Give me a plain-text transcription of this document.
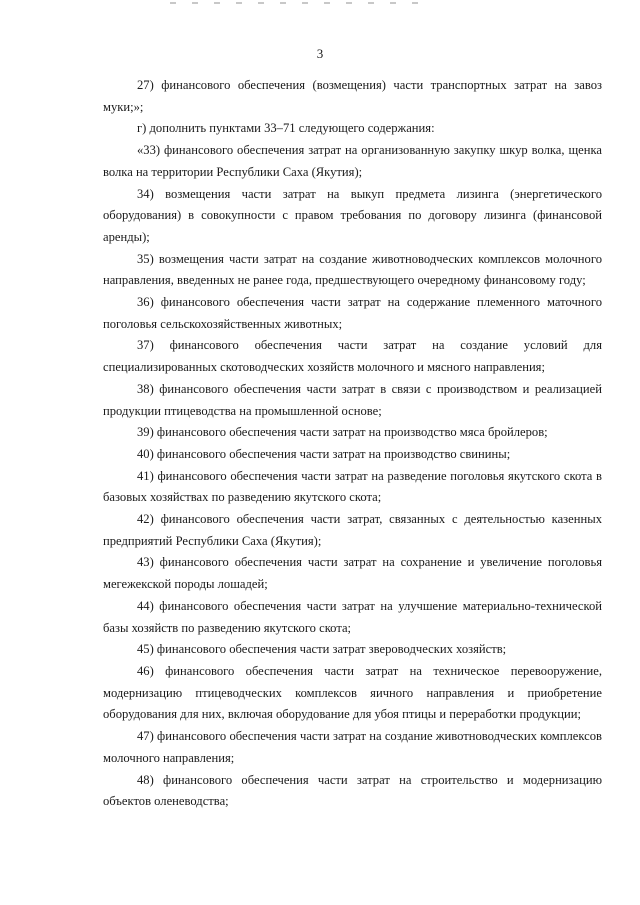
3

27) финансового обеспечения (возмещения) части транспортных затрат на завоз муки;»;

г) дополнить пунктами 33–71 следующего содержания:

«33) финансового обеспечения затрат на организованную закупку шкур волка, щенка волка на территории Республики Саха (Якутия);

34) возмещения части затрат на выкуп предмета лизинга (энергетического оборудования) в совокупности с правом требования по договору лизинга (финансовой аренды);

35) возмещения части затрат на создание животноводческих комплексов молочного направления, введенных не ранее года, предшествующего очередному финансовому году;

36) финансового обеспечения части затрат на содержание племенного маточного поголовья сельскохозяйственных животных;

37) финансового обеспечения части затрат на создание условий для специализированных скотоводческих хозяйств молочного и мясного направления;

38) финансового обеспечения части затрат в связи с производством и реализацией продукции птицеводства на промышленной основе;

39) финансового обеспечения части затрат на производство мяса бройлеров;

40) финансового обеспечения части затрат на производство свинины;

41) финансового обеспечения части затрат на разведение поголовья якутского скота в базовых хозяйствах по разведению якутского скота;

42) финансового обеспечения части затрат, связанных с деятельностью казенных предприятий Республики Саха (Якутия);

43) финансового обеспечения части затрат на сохранение и увеличение поголовья мегежекской породы лошадей;

44) финансового обеспечения части затрат на улучшение материально-технической базы хозяйств по разведению якутского скота;

45) финансового обеспечения части затрат звероводческих хозяйств;

46) финансового обеспечения части затрат на техническое перевооружение, модернизацию птицеводческих комплексов яичного направления и приобретение оборудования для них, включая оборудование для убоя птицы и переработки продукции;

47) финансового обеспечения части затрат на создание животноводческих комплексов молочного направления;

48) финансового обеспечения части затрат на строительство и модернизацию объектов оленеводства;
